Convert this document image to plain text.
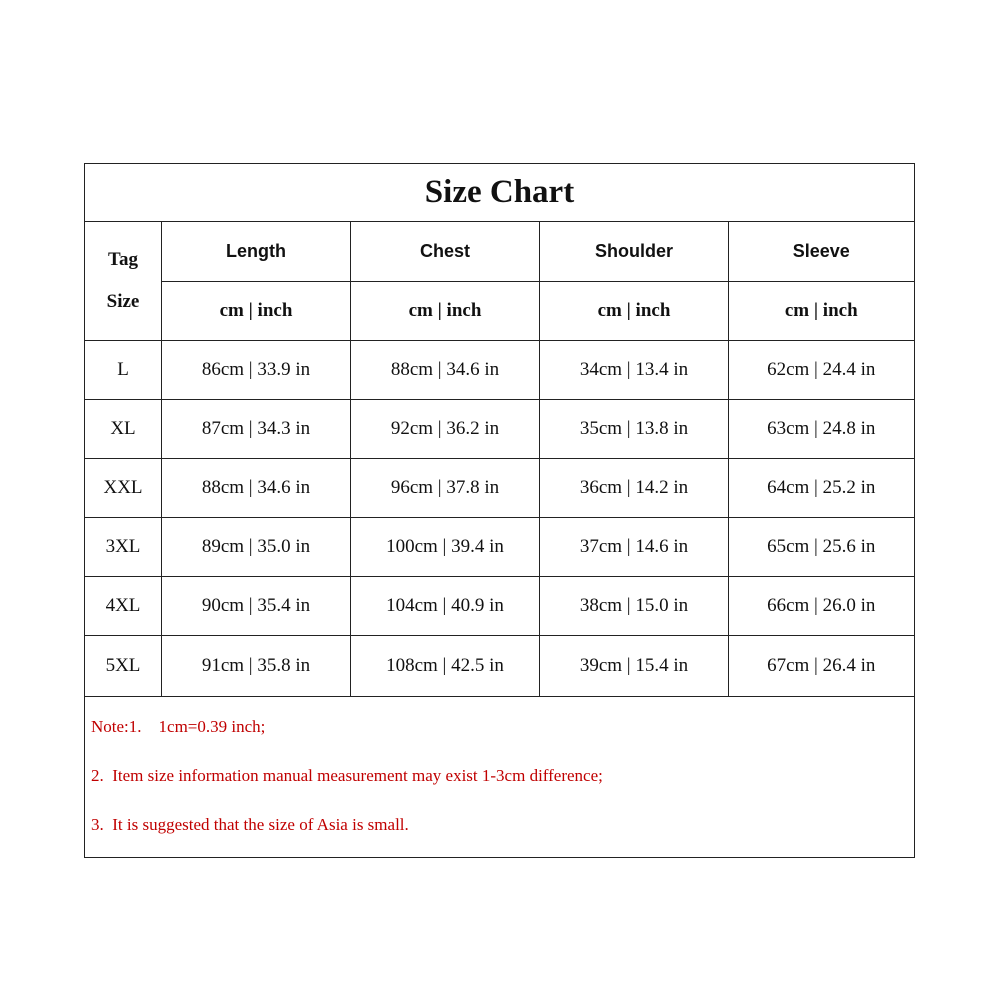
Size Chart
Tag
Size
Length	Chest	Shoulder	Sleeve
cm | inch	cm | inch	cm | inch	cm | inch
L	86cm | 33.9 in	88cm | 34.6 in	34cm | 13.4 in	62cm | 24.4 in
XL	87cm | 34.3 in	92cm | 36.2 in	35cm | 13.8 in	63cm | 24.8 in
XXL	88cm | 34.6 in	96cm | 37.8 in	36cm | 14.2 in	64cm | 25.2 in
3XL	89cm | 35.0 in	100cm | 39.4 in	37cm | 14.6 in	65cm | 25.6 in
4XL	90cm | 35.4 in	104cm | 40.9 in	38cm | 15.0 in	66cm | 26.0 in
5XL	91cm | 35.8 in	108cm | 42.5 in	39cm | 15.4 in	67cm | 26.4 in
Note:1.    1cm=0.39 inch;
2.  Item size information manual measurement may exist 1-3cm difference;
3.  It is suggested that the size of Asia is small.
